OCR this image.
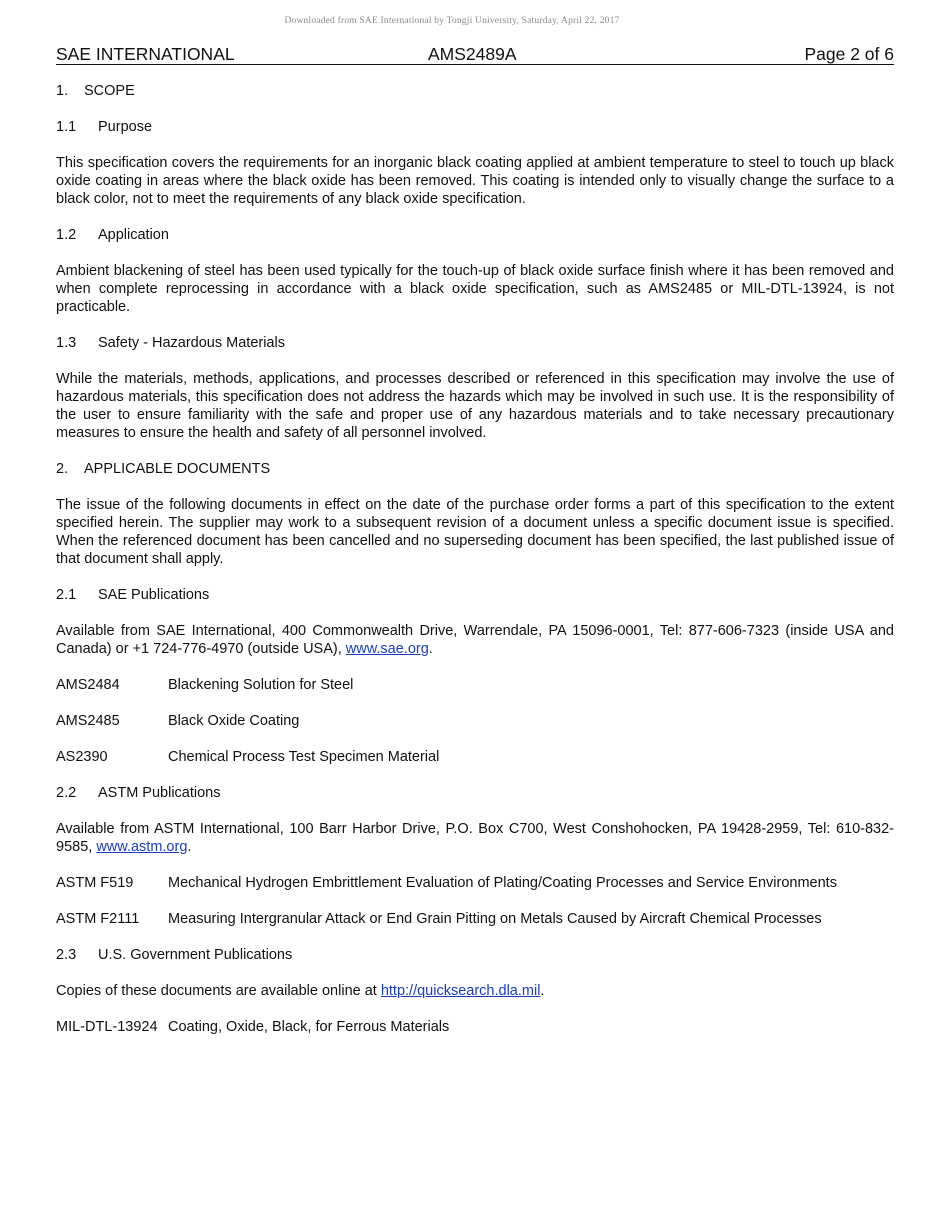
Downloaded from SAE International by Tongji University, Saturday, April 22, 2017
SAE INTERNATIONAL	AMS2489A	Page 2 of 6

1. SCOPE

1.1 Purpose

This specification covers the requirements for an inorganic black coating applied at ambient temperature to steel to touch up black oxide coating in areas where the black oxide has been removed. This coating is intended only to visually change the surface to a black color, not to meet the requirements of any black oxide specification.

1.2 Application

Ambient blackening of steel has been used typically for the touch-up of black oxide surface finish where it has been removed and when complete reprocessing in accordance with a black oxide specification, such as AMS2485 or MIL-DTL-13924, is not practicable.

1.3 Safety - Hazardous Materials

While the materials, methods, applications, and processes described or referenced in this specification may involve the use of hazardous materials, this specification does not address the hazards which may be involved in such use. It is the responsibility of the user to ensure familiarity with the safe and proper use of any hazardous materials and to take necessary precautionary measures to ensure the health and safety of all personnel involved.

2. APPLICABLE DOCUMENTS

The issue of the following documents in effect on the date of the purchase order forms a part of this specification to the extent specified herein. The supplier may work to a subsequent revision of a document unless a specific document issue is specified. When the referenced document has been cancelled and no superseding document has been specified, the last published issue of that document shall apply.

2.1 SAE Publications

Available from SAE International, 400 Commonwealth Drive, Warrendale, PA 15096-0001, Tel: 877-606-7323 (inside USA and Canada) or +1 724-776-4970 (outside USA), www.sae.org.

AMS2484	Blackening Solution for Steel
AMS2485	Black Oxide Coating
AS2390	Chemical Process Test Specimen Material

2.2 ASTM Publications

Available from ASTM International, 100 Barr Harbor Drive, P.O. Box C700, West Conshohocken, PA 19428-2959, Tel: 610-832-9585, www.astm.org.

ASTM F519	Mechanical Hydrogen Embrittlement Evaluation of Plating/Coating Processes and Service Environments
ASTM F2111	Measuring Intergranular Attack or End Grain Pitting on Metals Caused by Aircraft Chemical Processes

2.3 U.S. Government Publications

Copies of these documents are available online at http://quicksearch.dla.mil.

MIL-DTL-13924 Coating, Oxide, Black, for Ferrous Materials
